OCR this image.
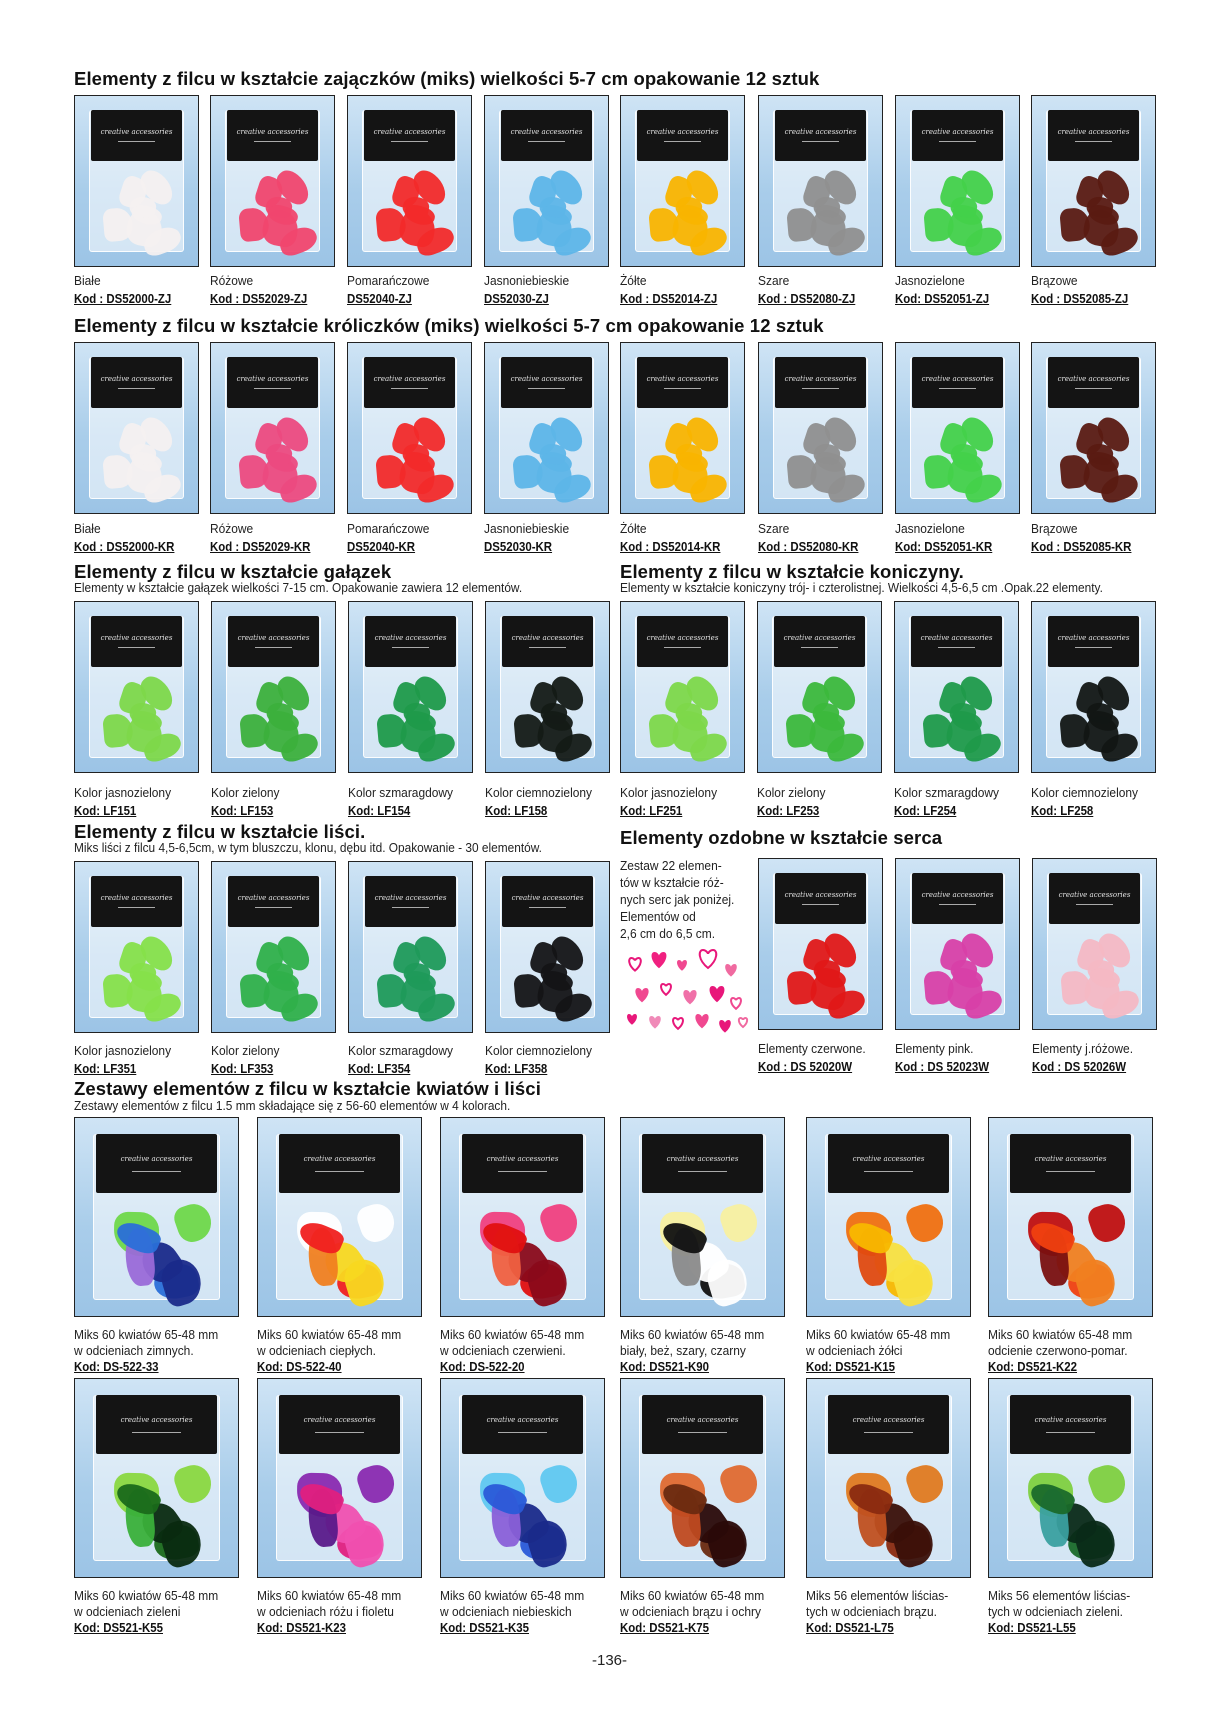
Elementy z filcu w kształcie zajączków (miks) wielkości 5-7 cm opakowanie 12 sztuk
creative accessories
Białe
Kod : DS52000-ZJ
creative accessories
Różowe
Kod : DS52029-ZJ
creative accessories
Pomarańczowe
DS52040-ZJ
creative accessories
Jasnoniebieskie
DS52030-ZJ
creative accessories
Żółte
Kod : DS52014-ZJ
creative accessories
Szare
Kod : DS52080-ZJ
creative accessories
Jasnozielone
Kod: DS52051-ZJ
creative accessories
Brązowe
Kod : DS52085-ZJ
Elementy z filcu w kształcie króliczków (miks) wielkości 5-7 cm opakowanie 12 sztuk
creative accessories
Białe
Kod : DS52000-KR
creative accessories
Różowe
Kod : DS52029-KR
creative accessories
Pomarańczowe
DS52040-KR
creative accessories
Jasnoniebieskie
DS52030-KR
creative accessories
Żółte
Kod : DS52014-KR
creative accessories
Szare
Kod : DS52080-KR
creative accessories
Jasnozielone
Kod: DS52051-KR
creative accessories
Brązowe
Kod : DS52085-KR
Elementy z filcu w kształcie gałązek
Elementy w kształcie gałązek wielkości 7-15 cm. Opakowanie zawiera 12 elementów.
creative accessories
Kolor jasnozielony
Kod: LF151
creative accessories
Kolor zielony
Kod: LF153
creative accessories
Kolor szmaragdowy
Kod: LF154
creative accessories
Kolor ciemnozielony
Kod: LF158
Elementy z filcu w kształcie koniczyny.
Elementy w kształcie koniczyny trój- i czterolistnej. Wielkości 4,5-6,5 cm .Opak.22 elementy.
creative accessories
Kolor jasnozielony
Kod: LF251
creative accessories
Kolor zielony
Kod: LF253
creative accessories
Kolor szmaragdowy
Kod: LF254
creative accessories
Kolor ciemnozielony
Kod: LF258
Elementy z filcu w kształcie liści.
Miks liści z filcu 4,5-6,5cm, w tym bluszczu, klonu, dębu itd. Opakowanie - 30 elementów.
creative accessories
Kolor jasnozielony
Kod: LF351
creative accessories
Kolor zielony
Kod: LF353
creative accessories
Kolor szmaragdowy
Kod: LF354
creative accessories
Kolor ciemnozielony
Kod: LF358
Elementy ozdobne w kształcie serca
Zestaw 22 elemen-
tów w kształcie róż-
nych serc jak poniżej.
Elementów od
2,6 cm do 6,5 cm.
creative accessories
Elementy czerwone.
Kod : DS 52020W
creative accessories
Elementy pink.
Kod : DS 52023W
creative accessories
Elementy j.różowe.
Kod : DS 52026W
Zestawy elementów z filcu w kształcie kwiatów i liści
Zestawy elementów z filcu 1.5 mm składające się z 56-60 elementów w 4 kolorach.
creative accessories
Miks 60 kwiatów 65-48 mm
w odcieniach zimnych.
Kod: DS-522-33
creative accessories
Miks 60 kwiatów 65-48 mm
w odcieniach ciepłych.
Kod: DS-522-40
creative accessories
Miks 60 kwiatów 65-48 mm
w odcieniach czerwieni.
Kod: DS-522-20
creative accessories
Miks 60 kwiatów 65-48 mm
biały, beż, szary, czarny
Kod: DS521-K90
creative accessories
Miks 60 kwiatów 65-48 mm
w odcieniach żółci
Kod: DS521-K15
creative accessories
Miks 60 kwiatów 65-48 mm
odcienie czerwono-pomar.
Kod: DS521-K22
creative accessories
Miks 60 kwiatów 65-48 mm
w odcieniach zieleni
Kod: DS521-K55
creative accessories
Miks 60 kwiatów 65-48 mm
w odcieniach różu i fioletu
Kod: DS521-K23
creative accessories
Miks 60 kwiatów 65-48 mm
w odcieniach niebieskich
Kod: DS521-K35
creative accessories
Miks 60 kwiatów 65-48 mm
w odcieniach brązu i ochry
Kod: DS521-K75
creative accessories
Miks 56 elementów liścias-
tych w odcieniach brązu.
Kod: DS521-L75
creative accessories
Miks 56 elementów liścias-
tych w odcieniach zieleni.
Kod: DS521-L55
-136-
